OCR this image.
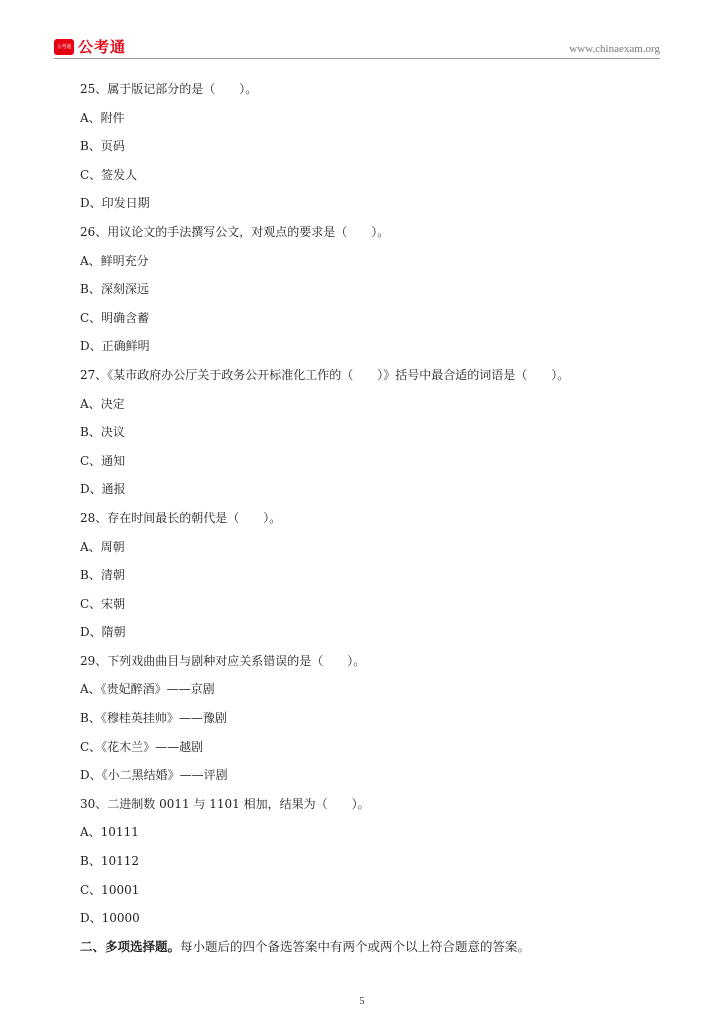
公考通 公考通	www.chinaexam.org
25、属于版记部分的是（　　）。
A、附件
B、页码
C、签发人
D、印发日期
26、用议论文的手法撰写公文，对观点的要求是（　　）。
A、鲜明充分
B、深刻深远
C、明确含蓄
D、正确鲜明
27、《某市政府办公厅关于政务公开标准化工作的（　　）》括号中最合适的词语是（　　）。
A、决定
B、决议
C、通知
D、通报
28、存在时间最长的朝代是（　　）。
A、周朝
B、清朝
C、宋朝
D、隋朝
29、下列戏曲曲目与剧种对应关系错误的是（　　）。
A、《贵妃醉酒》——京剧
B、《穆桂英挂帅》——豫剧
C、《花木兰》——越剧
D、《小二黑结婚》——评剧
30、二进制数 0011 与 1101 相加，结果为（　　）。
A、10111
B、10112
C、10001
D、10000
二、多项选择题。每小题后的四个备选答案中有两个或两个以上符合题意的答案。
5
